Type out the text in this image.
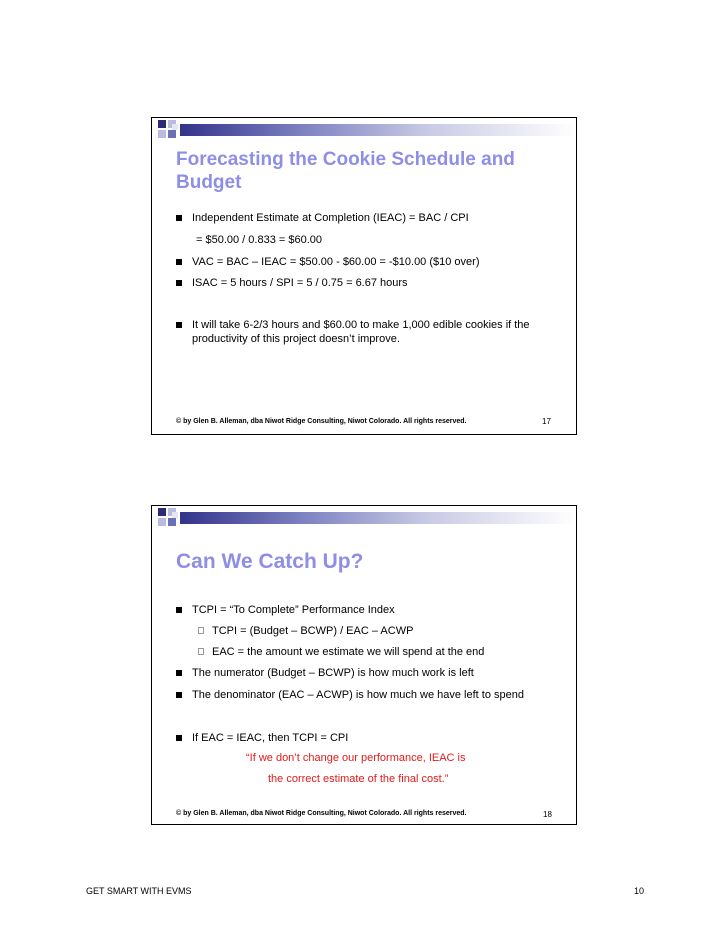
Forecasting the Cookie Schedule and
Budget
Independent Estimate at Completion (IEAC) = BAC / CPI
= $50.00 / 0.833 = $60.00
VAC = BAC – IEAC = $50.00 - $60.00 = -$10.00 ($10 over)
ISAC = 5 hours / SPI = 5 / 0.75 = 6.67 hours
It will take 6-2/3 hours and $60.00 to make 1,000 edible cookies if the productivity of this project doesn’t improve.
© by Glen B. Alleman, dba Niwot Ridge Consulting, Niwot Colorado. All rights reserved.	17
Can We Catch Up?
TCPI = “To Complete” Performance Index
TCPI = (Budget – BCWP) / EAC – ACWP
EAC = the amount we estimate we will spend at the end
The numerator (Budget – BCWP) is how much work is left
The denominator (EAC – ACWP) is how much we have left to spend
If EAC = IEAC, then TCPI = CPI
“If we don’t change our performance, IEAC is
the correct estimate of the final cost.”
© by Glen B. Alleman, dba Niwot Ridge Consulting, Niwot Colorado. All rights reserved.	18
GET SMART WITH EVMS	10
